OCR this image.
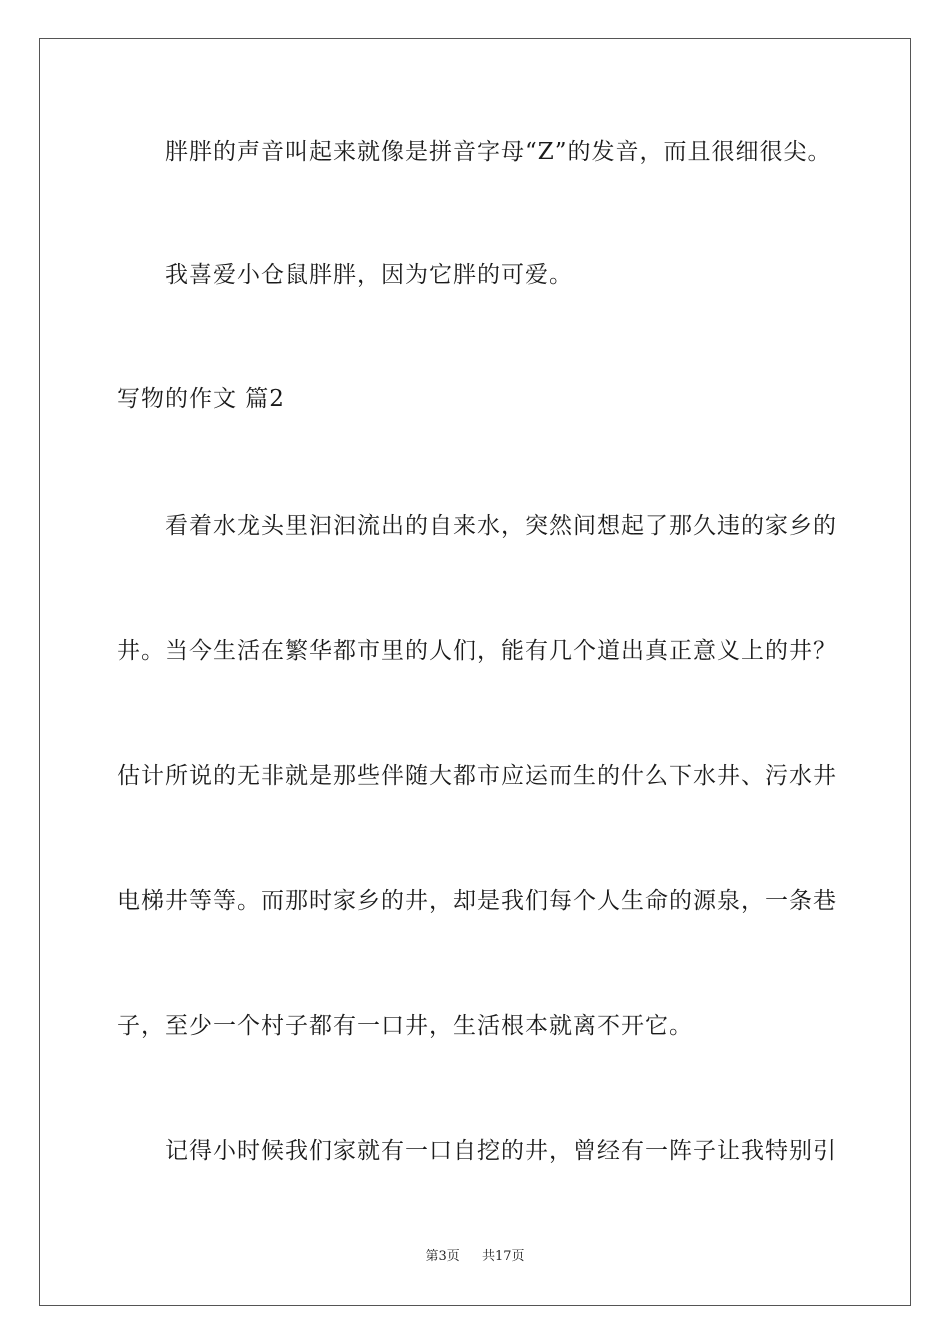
胖胖的声音叫起来就像是拼音字母“Z”的发音，而且很细很尖。
我喜爱小仓鼠胖胖，因为它胖的可爱。
写物的作文 篇2
看着水龙头里汩汩流出的自来水，突然间想起了那久违的家乡的
井。当今生活在繁华都市里的人们，能有几个道出真正意义上的井？
估计所说的无非就是那些伴随大都市应运而生的什么下水井、污水井
电梯井等等。而那时家乡的井，却是我们每个人生命的源泉，一条巷
子，至少一个村子都有一口井，生活根本就离不开它。
记得小时候我们家就有一口自挖的井，曾经有一阵子让我特别引
第3页 共17页
